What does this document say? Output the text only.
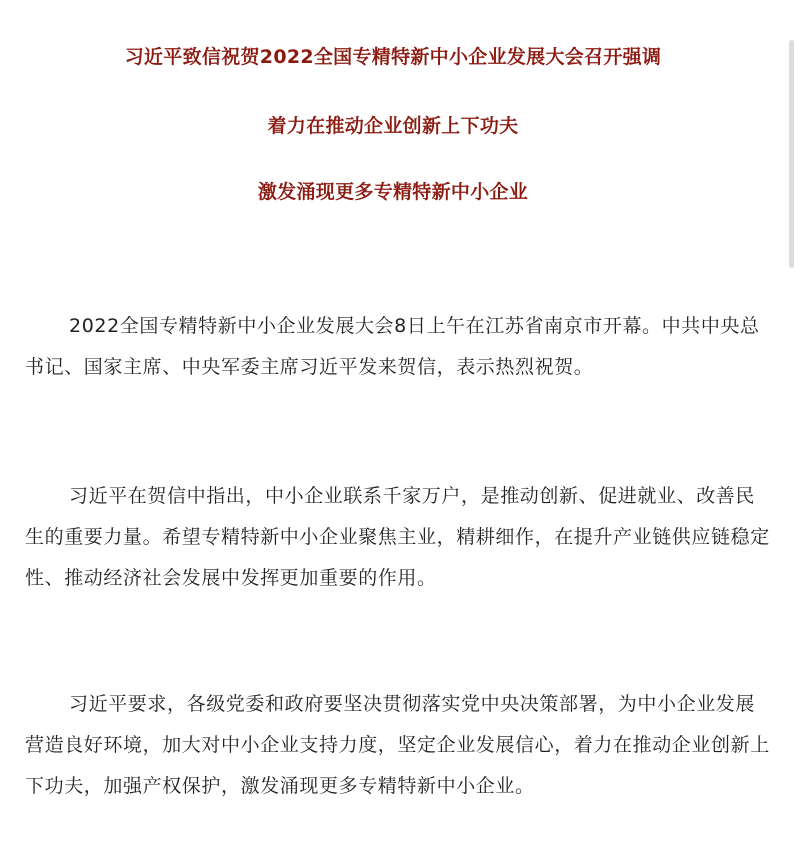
习近平致信祝贺2022全国专精特新中小企业发展大会召开强调
着力在推动企业创新上下功夫
激发涌现更多专精特新中小企业

2022全国专精特新中小企业发展大会8日上午在江苏省南京市开幕。中共中央总书记、国家主席、中央军委主席习近平发来贺信，表示热烈祝贺。

习近平在贺信中指出，中小企业联系千家万户，是推动创新、促进就业、改善民生的重要力量。希望专精特新中小企业聚焦主业，精耕细作，在提升产业链供应链稳定性、推动经济社会发展中发挥更加重要的作用。

习近平要求，各级党委和政府要坚决贯彻落实党中央决策部署，为中小企业发展营造良好环境，加大对中小企业支持力度，坚定企业发展信心，着力在推动企业创新上下功夫，加强产权保护，激发涌现更多专精特新中小企业。
